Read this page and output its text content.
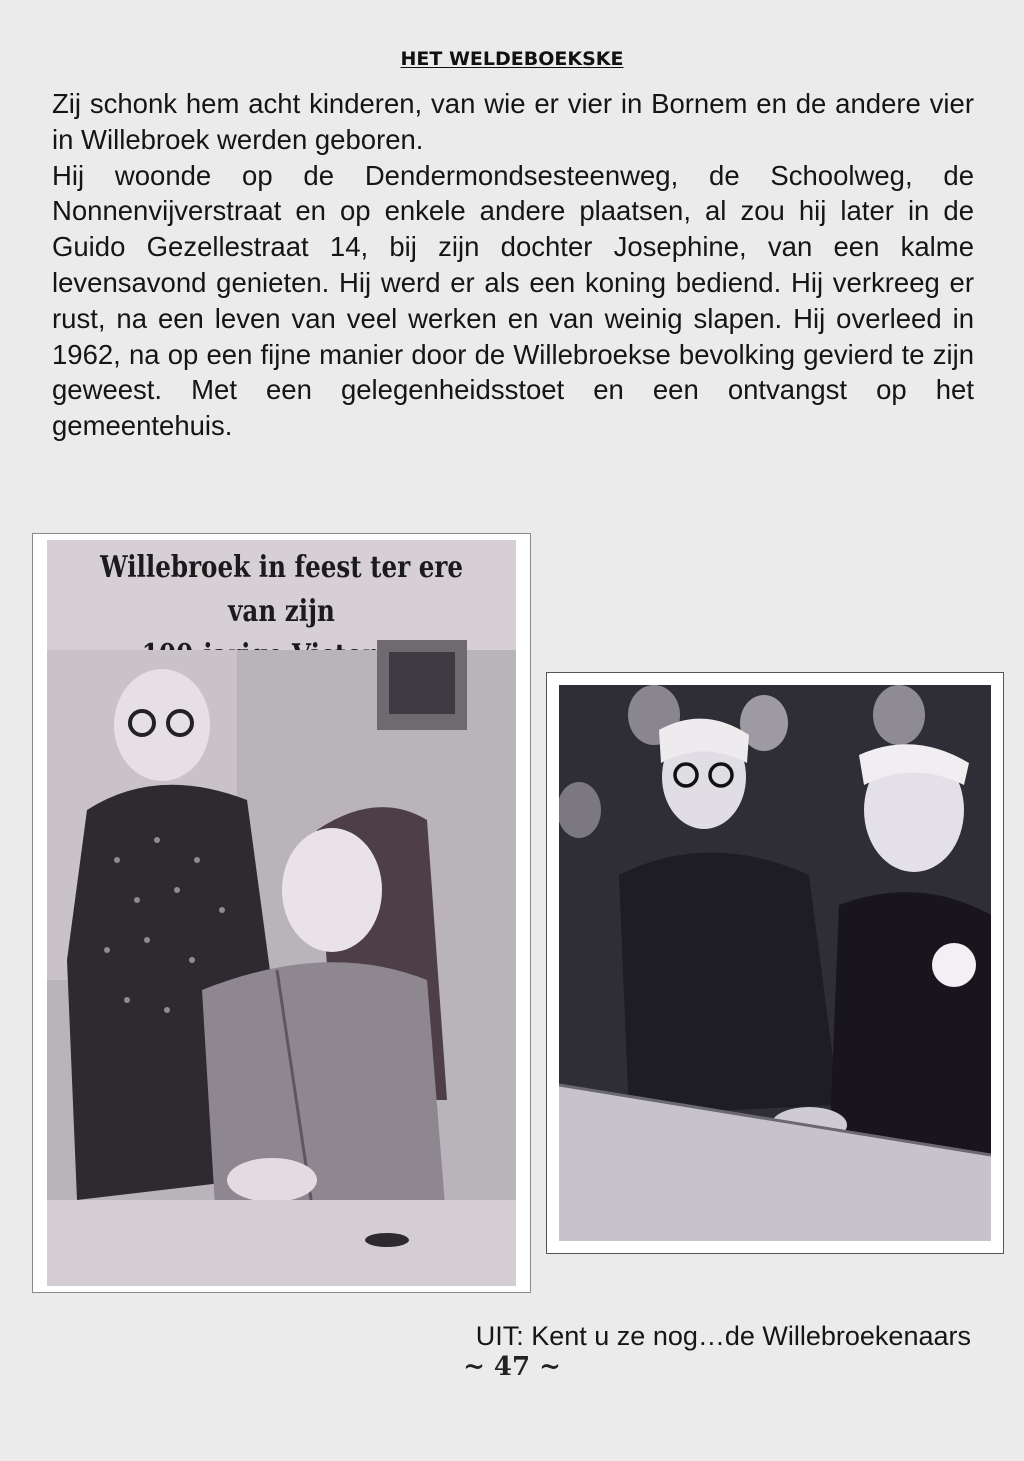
HET WELDEBOEKSKE

Zij schonk hem acht kinderen, van wie er vier in Bornem en de andere vier in Willebroek werden geboren.

Hij woonde op de Dendermondsesteenweg, de Schoolweg, de Nonnenvijverstraat en op enkele andere plaatsen, al zou hij later in de Guido Gezellestraat 14, bij zijn dochter Josephine, van een kalme levensavond genieten. Hij werd er als een koning bediend. Hij verkreeg er rust, na een leven van veel werken en van weinig slapen. Hij overleed in 1962, na op een fijne manier door de Willebroekse bevolking gevierd te zijn geweest. Met een gelegenheidsstoet en een ontvangst op het gemeentehuis.

Willebroek in feest ter ere van zijn
UIT: Kent u ze nog…de Willebroekenaars
~ 47 ~
